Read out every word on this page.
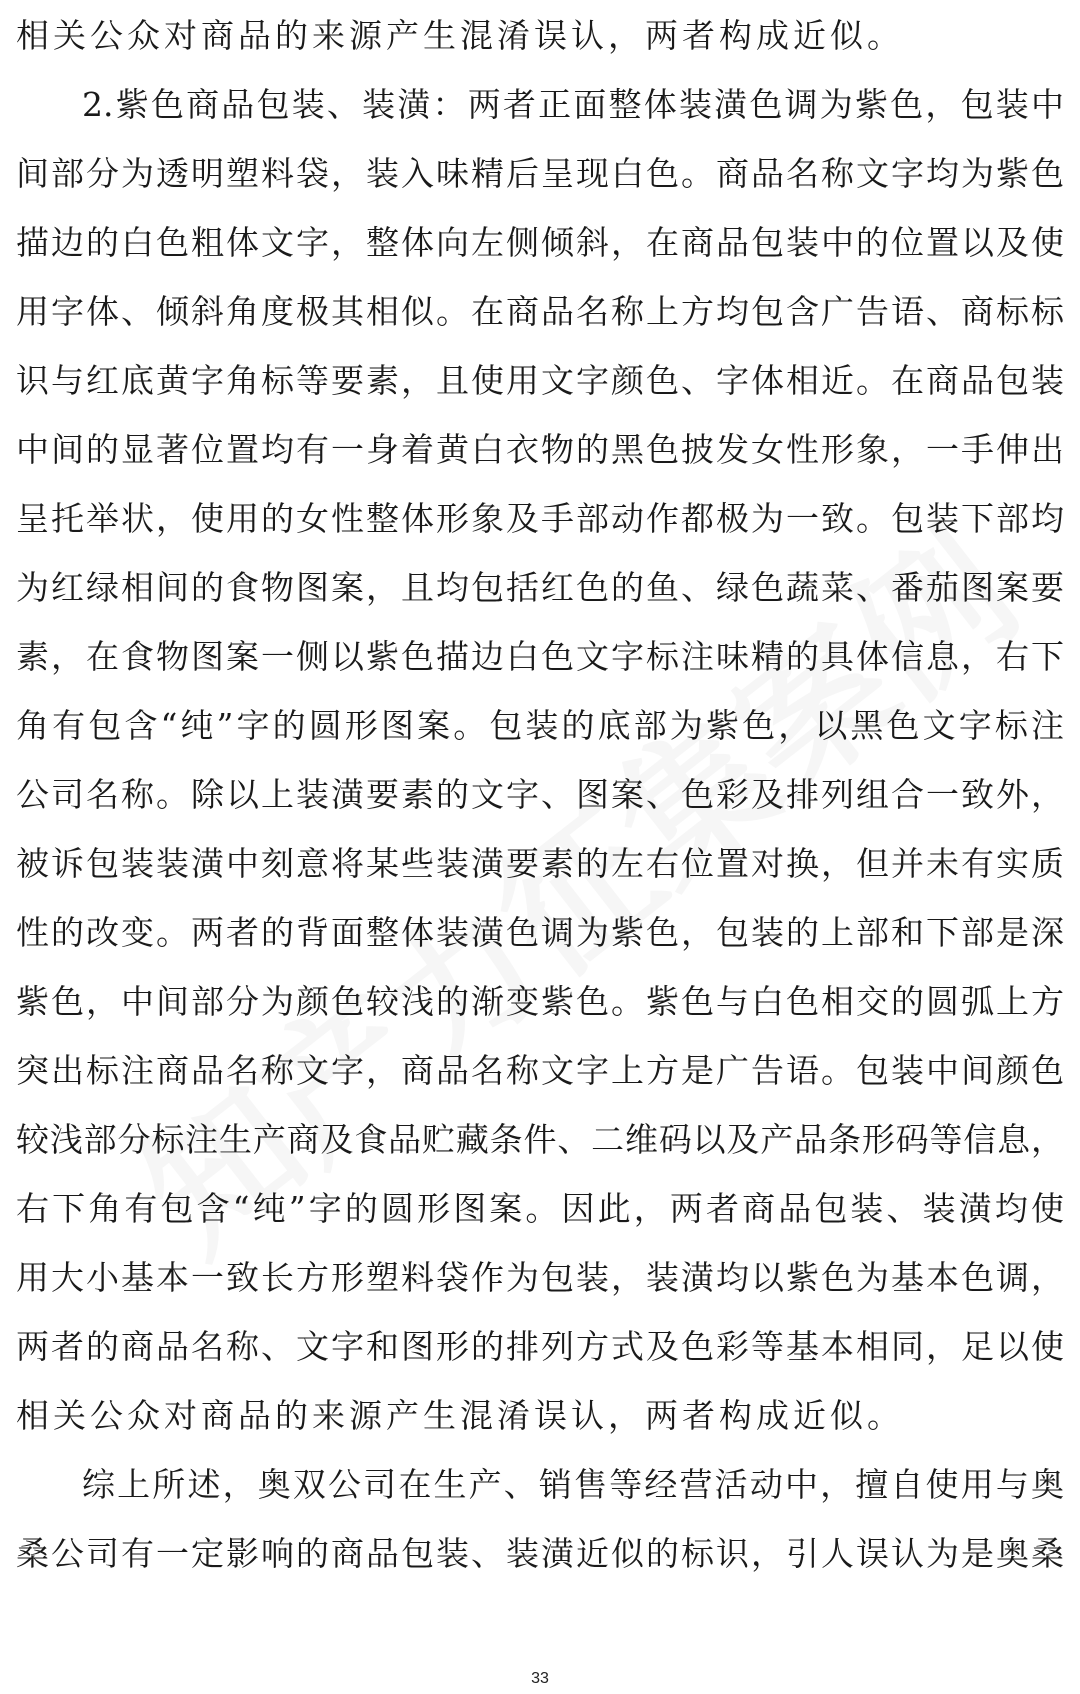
相关公众对商品的来源产生混淆误认，两者构成近似。
2.紫色商品包装、装潢：两者正面整体装潢色调为紫色，包装中
间部分为透明塑料袋，装入味精后呈现白色。商品名称文字均为紫色
描边的白色粗体文字，整体向左侧倾斜，在商品包装中的位置以及使
用字体、倾斜角度极其相似。在商品名称上方均包含广告语、商标标
识与红底黄字角标等要素，且使用文字颜色、字体相近。在商品包装
中间的显著位置均有一身着黄白衣物的黑色披发女性形象，一手伸出
呈托举状，使用的女性整体形象及手部动作都极为一致。包装下部均
为红绿相间的食物图案，且均包括红色的鱼、绿色蔬菜、番茄图案要
素，在食物图案一侧以紫色描边白色文字标注味精的具体信息，右下
角有包含“纯”字的圆形图案。包装的底部为紫色，以黑色文字标注
公司名称。除以上装潢要素的文字、图案、色彩及排列组合一致外，
被诉包装装潢中刻意将某些装潢要素的左右位置对换，但并未有实质
性的改变。两者的背面整体装潢色调为紫色，包装的上部和下部是深
紫色，中间部分为颜色较浅的渐变紫色。紫色与白色相交的圆弧上方
突出标注商品名称文字，商品名称文字上方是广告语。包装中间颜色
较浅部分标注生产商及食品贮藏条件、二维码以及产品条形码等信息，
右下角有包含“纯”字的圆形图案。因此，两者商品包装、装潢均使
用大小基本一致长方形塑料袋作为包装，装潢均以紫色为基本色调，
两者的商品名称、文字和图形的排列方式及色彩等基本相同，足以使
相关公众对商品的来源产生混淆误认，两者构成近似。
综上所述，奥双公司在生产、销售等经营活动中，擅自使用与奥
桑公司有一定影响的商品包装、装潢近似的标识，引人误认为是奥桑
33
